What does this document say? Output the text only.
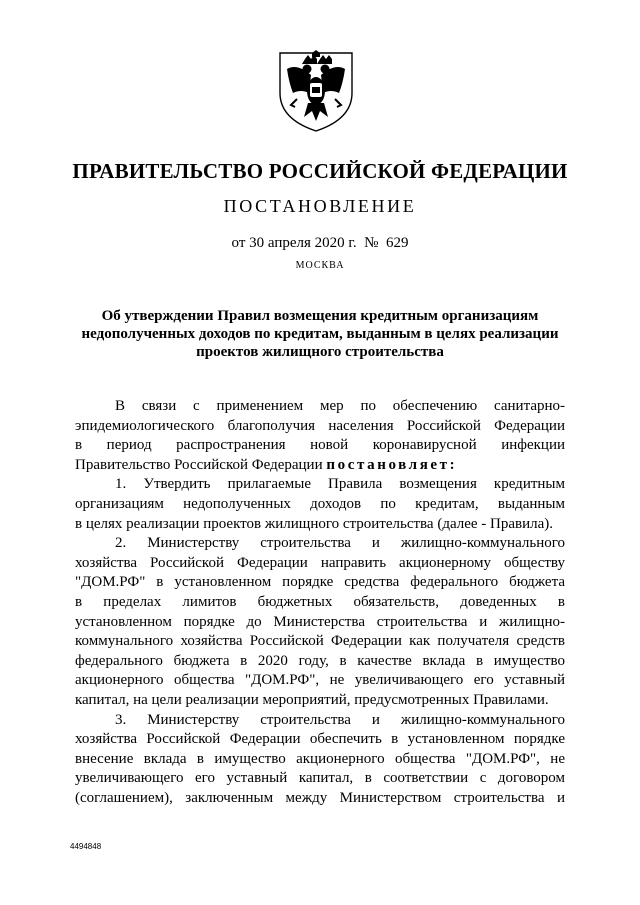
ПРАВИТЕЛЬСТВО РОССИЙСКОЙ ФЕДЕРАЦИИ
ПОСТАНОВЛЕНИЕ
от 30 апреля 2020 г.  №  629
МОСКВА
Об утверждении Правил возмещения кредитным организациям
недополученных доходов по кредитам, выданным в целях реализации
проектов жилищного строительства
В связи с применением мер по обеспечению санитарно-
эпидемиологического благополучия населения Российской Федерации
в период распространения новой коронавирусной инфекции
Правительство Российской Федерации постановляет:
1. Утвердить прилагаемые Правила возмещения кредитным
организациям недополученных доходов по кредитам, выданным
в целях реализации проектов жилищного строительства (далее - Правила).
2. Министерству строительства и жилищно-коммунального
хозяйства Российской Федерации направить акционерному обществу
"ДОМ.РФ" в установленном порядке средства федерального бюджета
в пределах лимитов бюджетных обязательств, доведенных в
установленном порядке до Министерства строительства и жилищно-
коммунального хозяйства Российской Федерации как получателя средств
федерального бюджета в 2020 году, в качестве вклада в имущество
акционерного общества "ДОМ.РФ", не увеличивающего его уставный
капитал, на цели реализации мероприятий, предусмотренных Правилами.
3. Министерству строительства и жилищно-коммунального
хозяйства Российской Федерации обеспечить в установленном порядке
внесение вклада в имущество акционерного общества "ДОМ.РФ", не
увеличивающего его уставный капитал, в соответствии с договором
(соглашением), заключенным между Министерством строительства и
4494848
